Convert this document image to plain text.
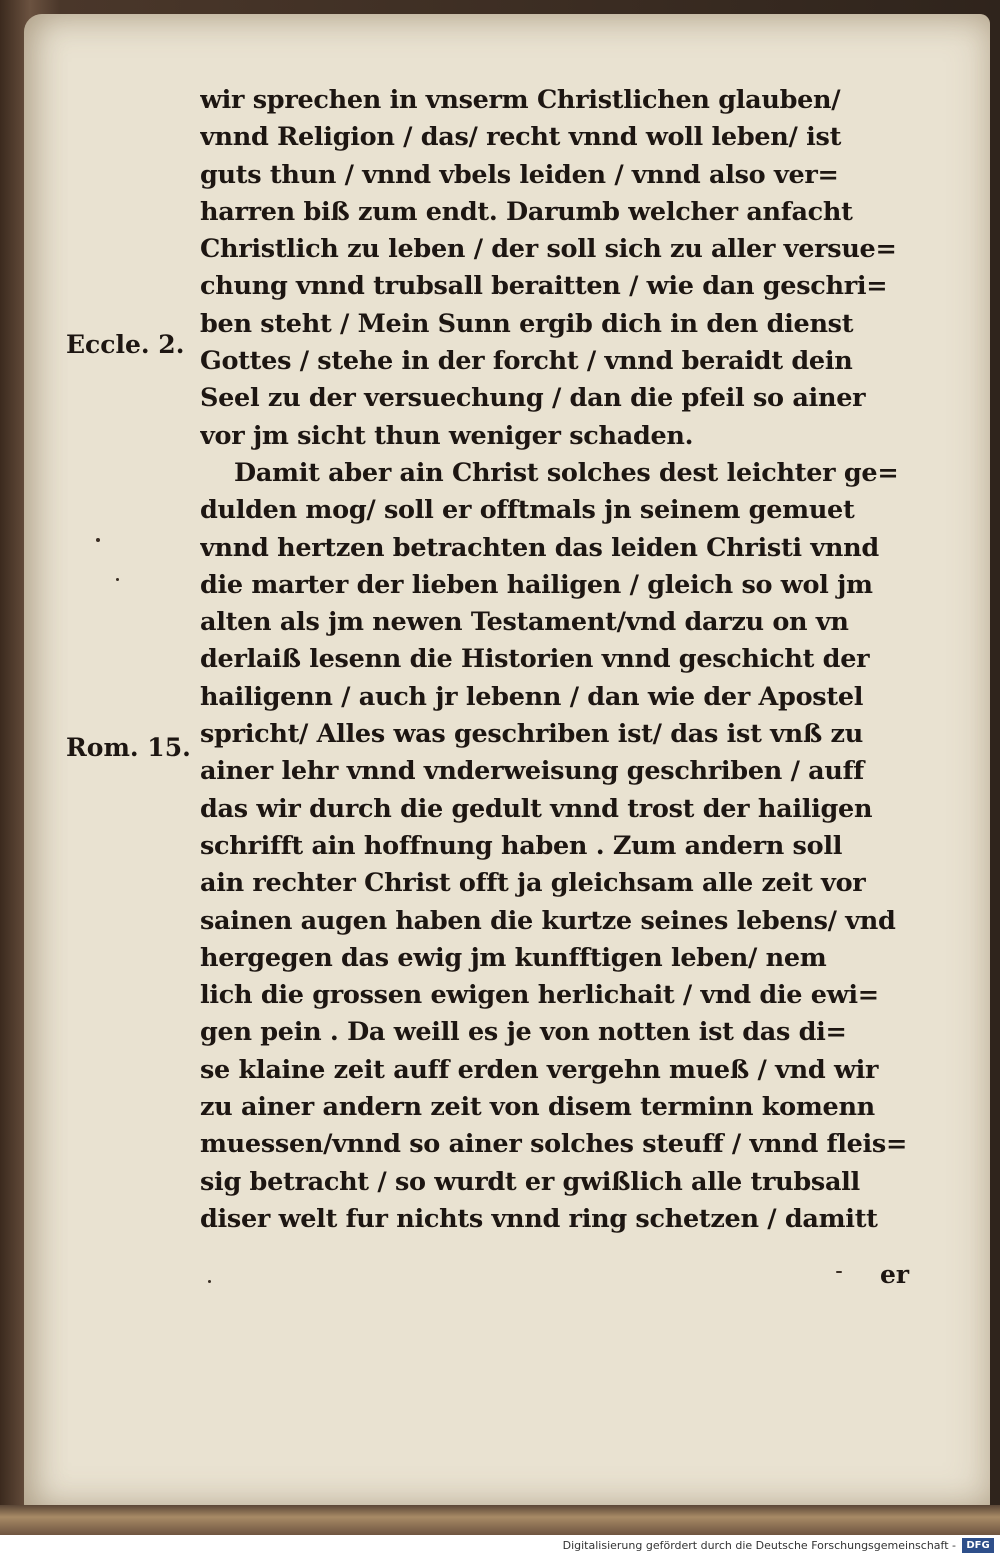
Eccle. 2.
Rom. 15.
wir sprechen in vnserm Christlichen glauben/
vnnd Religion / das/ recht vnnd woll leben/ ist
guts thun / vnnd vbels leiden / vnnd also ver=
harren biß zum endt. Darumb welcher anfacht
Christlich zu leben / der soll sich zu aller versue=
chung vnnd trubsall beraitten / wie dan geschri=
ben steht / Mein Sunn ergib dich in den dienst
Gottes / stehe in der forcht / vnnd beraidt dein
Seel zu der versuechung / dan die pfeil so ainer
vor jm sicht thun weniger schaden.
Damit aber ain Christ solches dest leichter ge=
dulden mog/ soll er offtmals jn seinem gemuet
vnnd hertzen betrachten das leiden Christi vnnd
die marter der lieben hailigen / gleich so wol jm
alten als jm newen Testament/vnd darzu on vn
derlaiß lesenn die Historien vnnd geschicht der
hailigenn / auch jr lebenn / dan wie der Apostel
spricht/ Alles was geschriben ist/ das ist vnß zu
ainer lehr vnnd vnderweisung geschriben / auff
das wir durch die gedult vnnd trost der hailigen
schrifft ain hoffnung haben . Zum andern soll
ain rechter Christ offt ja gleichsam alle zeit vor
sainen augen haben die kurtze seines lebens/ vnd
hergegen das ewig jm kunfftigen leben/ nem
lich die grossen ewigen herlichait / vnd die ewi=
gen pein . Da weill es je von notten ist das di=
se klaine zeit auff erden vergehn mueß / vnd wir
zu ainer andern zeit von disem terminn komenn
muessen/vnnd so ainer solches steuff / vnnd fleis=
sig betracht / so wurdt er gwißlich alle trubsall
diser welt fur nichts vnnd ring schetzen / damitt
er
Digitalisierung gefördert durch die Deutsche Forschungsgemeinschaft -	DFG
